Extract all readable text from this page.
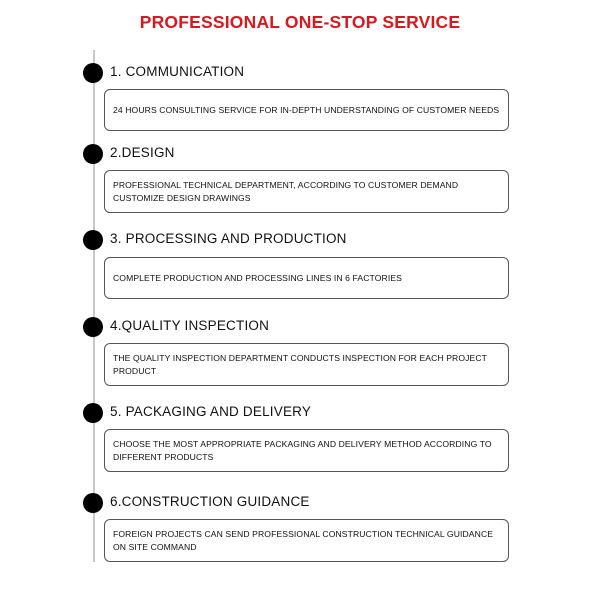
PROFESSIONAL ONE-STOP SERVICE
1. COMMUNICATION
24 HOURS CONSULTING SERVICE FOR IN-DEPTH UNDERSTANDING OF CUSTOMER NEEDS
2.DESIGN
PROFESSIONAL TECHNICAL DEPARTMENT, ACCORDING TO CUSTOMER DEMAND CUSTOMIZE DESIGN DRAWINGS
3. PROCESSING AND PRODUCTION
COMPLETE PRODUCTION AND PROCESSING LINES IN 6 FACTORIES
4.QUALITY INSPECTION
THE QUALITY INSPECTION DEPARTMENT CONDUCTS INSPECTION FOR EACH PROJECT PRODUCT
5. PACKAGING AND DELIVERY
CHOOSE THE MOST APPROPRIATE PACKAGING AND DELIVERY METHOD ACCORDING TO DIFFERENT PRODUCTS
6.CONSTRUCTION GUIDANCE
FOREIGN PROJECTS CAN SEND PROFESSIONAL CONSTRUCTION TECHNICAL GUIDANCE ON SITE COMMAND
